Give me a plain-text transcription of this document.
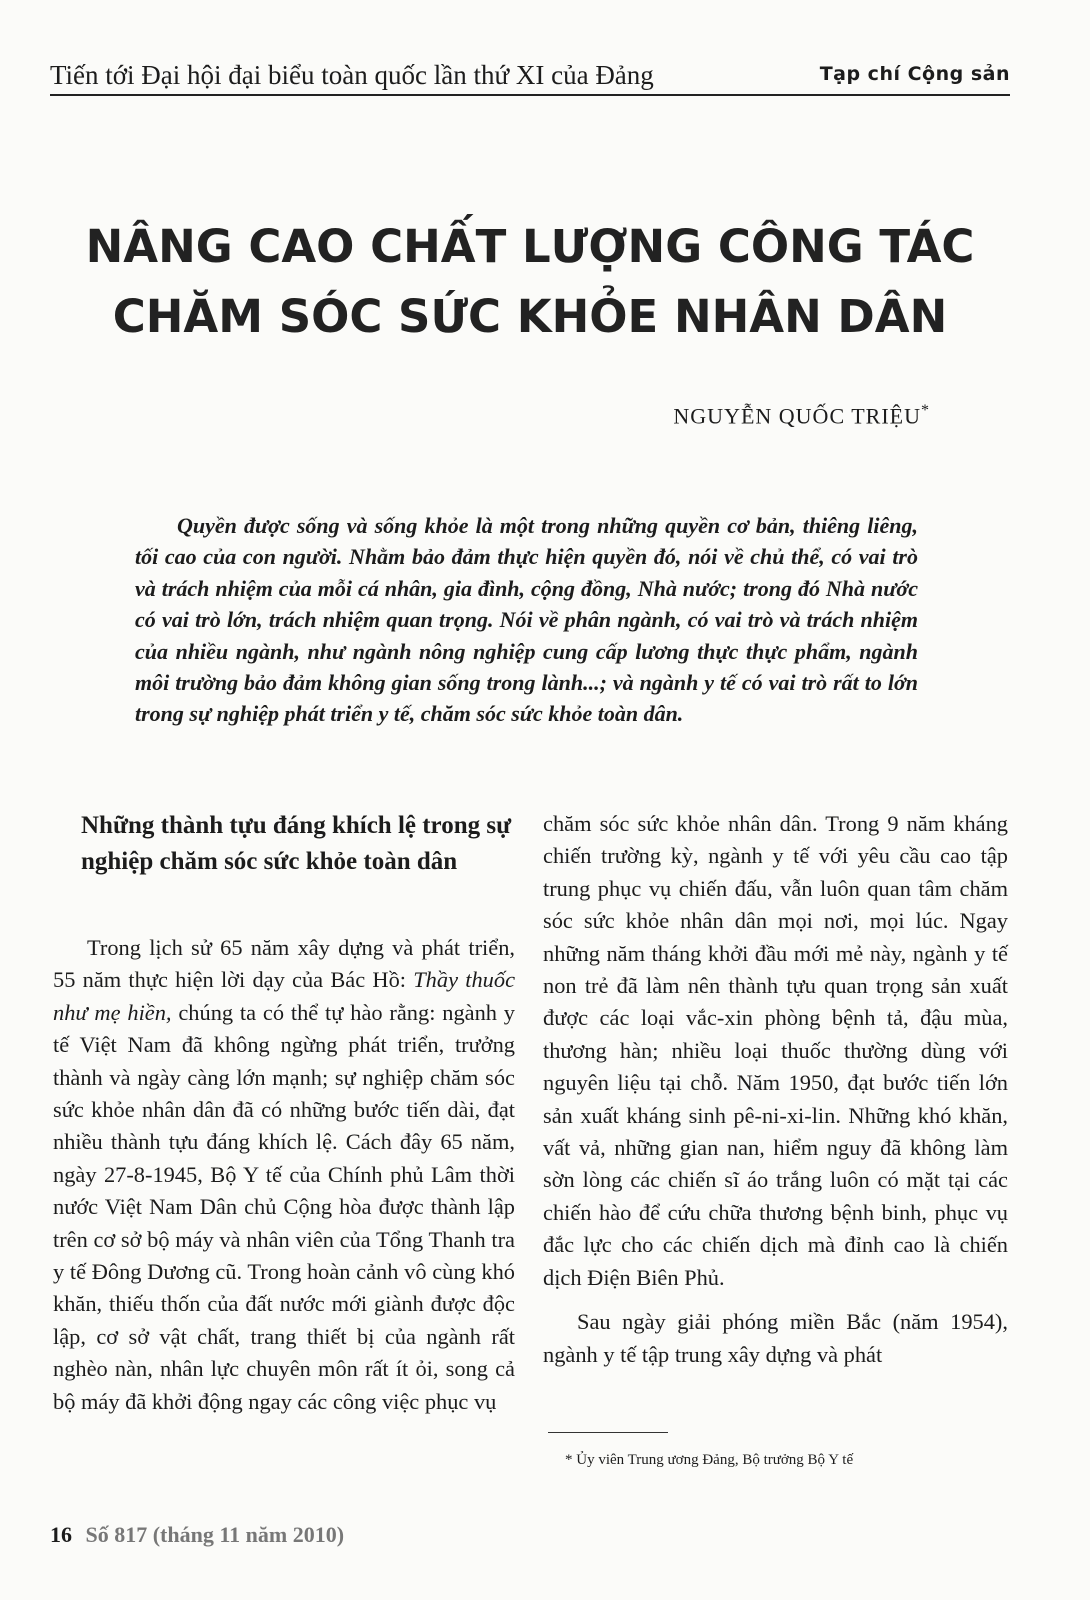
Tiến tới Đại hội đại biểu toàn quốc lần thứ XI của Đảng	Tạp chí Cộng sản
NÂNG CAO CHẤT LƯỢNG CÔNG TÁC
CHĂM SÓC SỨC KHỎE NHÂN DÂN
NGUYỄN QUỐC TRIỆU*
Quyền được sống và sống khỏe là một trong những quyền cơ bản, thiêng liêng, tối cao của con người. Nhằm bảo đảm thực hiện quyền đó, nói về chủ thể, có vai trò và trách nhiệm của mỗi cá nhân, gia đình, cộng đồng, Nhà nước; trong đó Nhà nước có vai trò lớn, trách nhiệm quan trọng. Nói về phân ngành, có vai trò và trách nhiệm của nhiều ngành, như ngành nông nghiệp cung cấp lương thực thực phẩm, ngành môi trường bảo đảm không gian sống trong lành...; và ngành y tế có vai trò rất to lớn trong sự nghiệp phát triển y tế, chăm sóc sức khỏe toàn dân.
Những thành tựu đáng khích lệ trong sự nghiệp chăm sóc sức khỏe toàn dân

Trong lịch sử 65 năm xây dựng và phát triển, 55 năm thực hiện lời dạy của Bác Hồ: Thầy thuốc như mẹ hiền, chúng ta có thể tự hào rằng: ngành y tế Việt Nam đã không ngừng phát triển, trưởng thành và ngày càng lớn mạnh; sự nghiệp chăm sóc sức khỏe nhân dân đã có những bước tiến dài, đạt nhiều thành tựu đáng khích lệ. Cách đây 65 năm, ngày 27-8-1945, Bộ Y tế của Chính phủ Lâm thời nước Việt Nam Dân chủ Cộng hòa được thành lập trên cơ sở bộ máy và nhân viên của Tổng Thanh tra y tế Đông Dương cũ. Trong hoàn cảnh vô cùng khó khăn, thiếu thốn của đất nước mới giành được độc lập, cơ sở vật chất, trang thiết bị của ngành rất nghèo nàn, nhân lực chuyên môn rất ít ỏi, song cả bộ máy đã khởi động ngay các công việc phục vụ

chăm sóc sức khỏe nhân dân. Trong 9 năm kháng chiến trường kỳ, ngành y tế với yêu cầu cao tập trung phục vụ chiến đấu, vẫn luôn quan tâm chăm sóc sức khỏe nhân dân mọi nơi, mọi lúc. Ngay những năm tháng khởi đầu mới mẻ này, ngành y tế non trẻ đã làm nên thành tựu quan trọng sản xuất được các loại vắc-xin phòng bệnh tả, đậu mùa, thương hàn; nhiều loại thuốc thường dùng với nguyên liệu tại chỗ. Năm 1950, đạt bước tiến lớn sản xuất kháng sinh pê-ni-xi-lin. Những khó khăn, vất vả, những gian nan, hiểm nguy đã không làm sờn lòng các chiến sĩ áo trắng luôn có mặt tại các chiến hào để cứu chữa thương bệnh binh, phục vụ đắc lực cho các chiến dịch mà đỉnh cao là chiến dịch Điện Biên Phủ.

Sau ngày giải phóng miền Bắc (năm 1954), ngành y tế tập trung xây dựng và phát

* Ủy viên Trung ương Đảng, Bộ trưởng Bộ Y tế
16 Số 817 (tháng 11 năm 2010)
